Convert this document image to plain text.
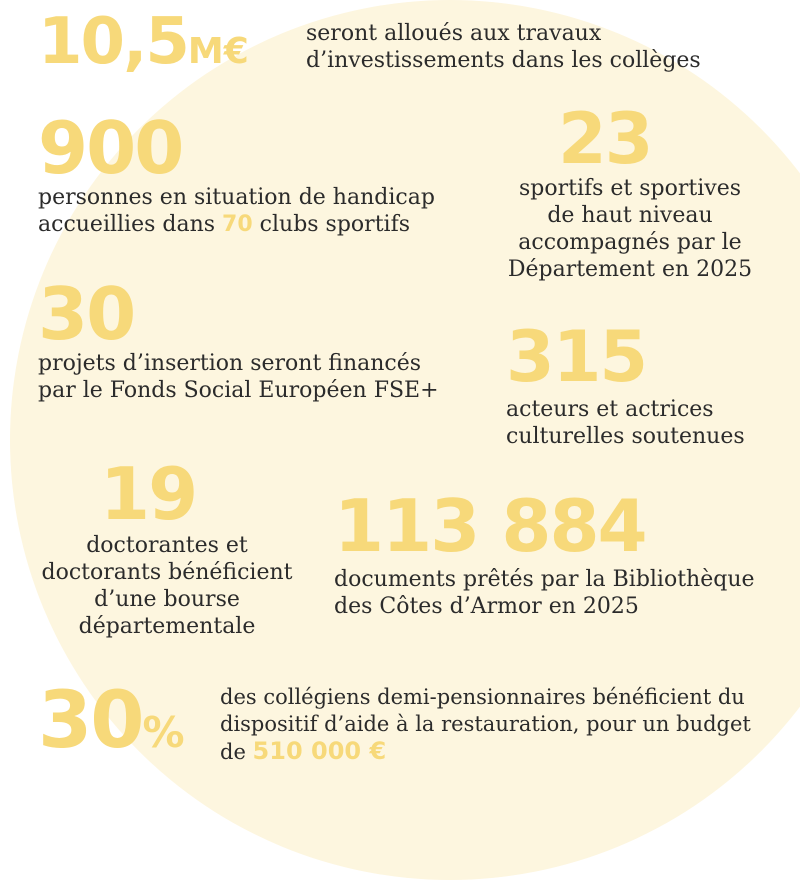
10,5M€	seront alloués aux travaux
d’investissements dans les collèges
900
personnes en situation de handicap
accueillies dans 70 clubs sportifs
23
sportifs et sportives
de haut niveau
accompagnés par le
Département en 2025
30
projets d’insertion seront financés
par le Fonds Social Européen FSE+ 315
acteurs et actrices
culturelles soutenues
19
doctorantes et
doctorants bénéficient
d’une bourse
départementale
113 884
documents prêtés par la Bibliothèque
des Côtes d’Armor en 2025
30%
des collégiens demi-pensionnaires bénéficient du
dispositif d’aide à la restauration, pour un budget
de 510 000 €
